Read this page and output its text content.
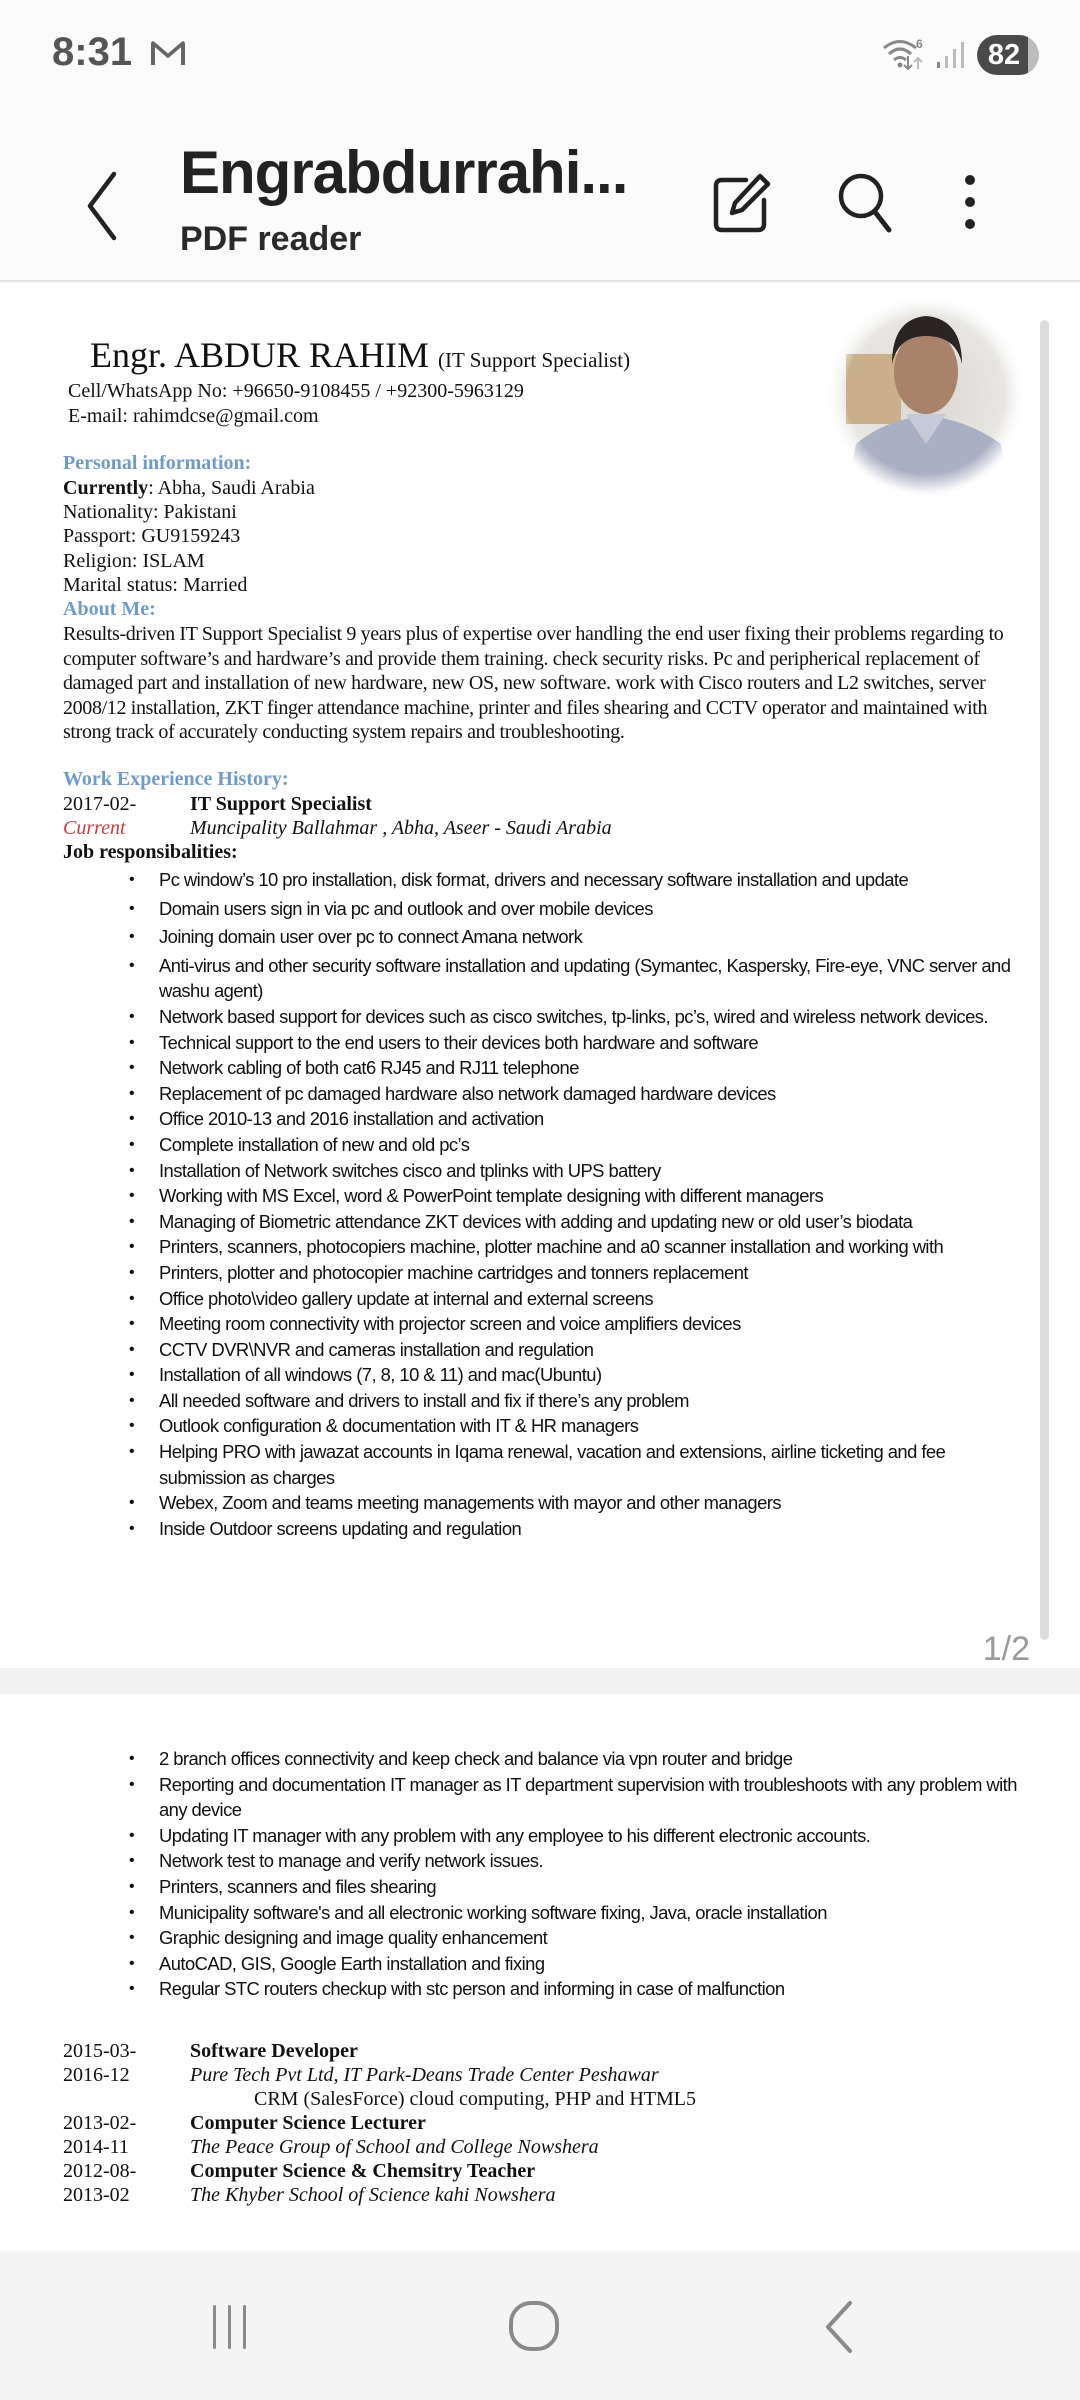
8:31	6	82
Engrabdurrahi...
PDF reader
Engr. ABDUR RAHIM (IT Support Specialist)
Cell/WhatsApp No: +96650-9108455 / +92300-5963129
E-mail: rahimdcse@gmail.com
Personal information:
Currently: Abha, Saudi Arabia
Nationality: Pakistani
Passport: GU9159243
Religion: ISLAM
Marital status: Married
About Me:
Results-driven IT Support Specialist 9 years plus of expertise over handling the end user fixing their problems regarding to computer software’s and hardware’s and provide them training. check security risks. Pc and peripherical replacement of damaged part and installation of new hardware, new OS, new software. work with Cisco routers and L2 switches, server 2008/12 installation, ZKT finger attendance machine, printer and files shearing and CCTV operator and maintained with strong track of accurately conducting system repairs and troubleshooting.
Work Experience History:
2017-02-	IT Support Specialist
Current	Muncipality Ballahmar , Abha, Aseer - Saudi Arabia
Job responsibalities:
• Pc window’s 10 pro installation, disk format, drivers and necessary software installation and update
• Domain users sign in via pc and outlook and over mobile devices
• Joining domain user over pc to connect Amana network
• Anti-virus and other security software installation and updating (Symantec, Kaspersky, Fire-eye, VNC server and washu agent)
• Network based support for devices such as cisco switches, tp-links, pc’s, wired and wireless network devices.
• Technical support to the end users to their devices both hardware and software
• Network cabling of both cat6 RJ45 and RJ11 telephone
• Replacement of pc damaged hardware also network damaged hardware devices
• Office 2010-13 and 2016 installation and activation
• Complete installation of new and old pc’s
• Installation of Network switches cisco and tplinks with UPS battery
• Working with MS Excel, word & PowerPoint template designing with different managers
• Managing of Biometric attendance ZKT devices with adding and updating new or old user’s biodata
• Printers, scanners, photocopiers machine, plotter machine and a0 scanner installation and working with
• Printers, plotter and photocopier machine cartridges and tonners replacement
• Office photo\video gallery update at internal and external screens
• Meeting room connectivity with projector screen and voice amplifiers devices
• CCTV DVR\NVR and cameras installation and regulation
• Installation of all windows (7, 8, 10 & 11) and mac(Ubuntu)
• All needed software and drivers to install and fix if there’s any problem
• Outlook configuration & documentation with IT & HR managers
• Helping PRO with jawazat accounts in Iqama renewal, vacation and extensions, airline ticketing and fee submission as charges
• Webex, Zoom and teams meeting managements with mayor and other managers
• Inside Outdoor screens updating and regulation
1/2
• 2 branch offices connectivity and keep check and balance via vpn router and bridge
• Reporting and documentation IT manager as IT department supervision with troubleshoots with any problem with any device
• Updating IT manager with any problem with any employee to his different electronic accounts.
• Network test to manage and verify network issues.
• Printers, scanners and files shearing
• Municipality software's and all electronic working software fixing, Java, oracle installation
• Graphic designing and image quality enhancement
• AutoCAD, GIS, Google Earth installation and fixing
• Regular STC routers checkup with stc person and informing in case of malfunction
2015-03-	Software Developer
2016-12	Pure Tech Pvt Ltd, IT Park-Deans Trade Center Peshawar
CRM (SalesForce) cloud computing, PHP and HTML5
2013-02-	Computer Science Lecturer
2014-11	The Peace Group of School and College Nowshera
2012-08-	Computer Science & Chemsitry Teacher
2013-02	The Khyber School of Science kahi Nowshera
